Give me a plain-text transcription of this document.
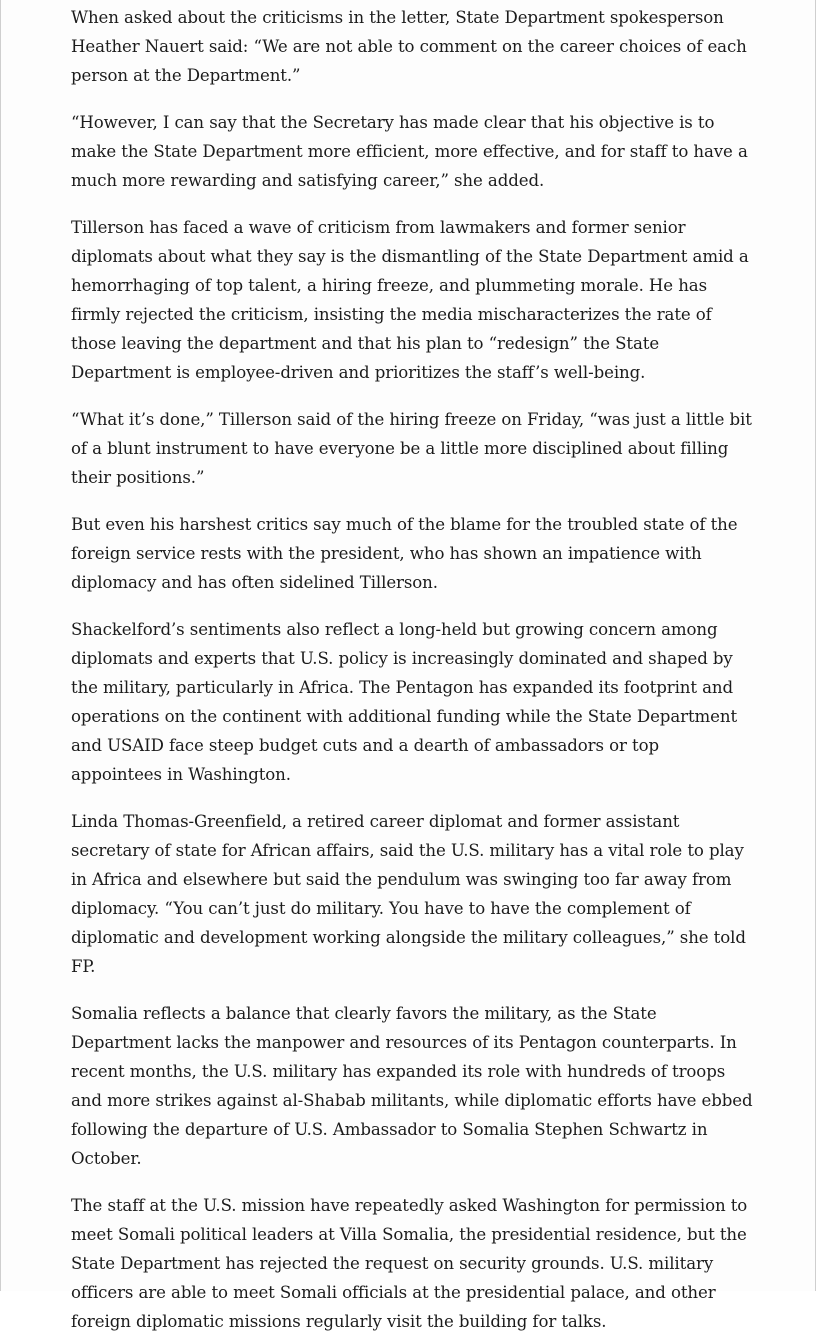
When asked about the criticisms in the letter, State Department spokesperson Heather Nauert said: “We are not able to comment on the career choices of each person at the Department.”

“However, I can say that the Secretary has made clear that his objective is to make the State Department more efficient, more effective, and for staff to have a much more rewarding and satisfying career,” she added.

Tillerson has faced a wave of criticism from lawmakers and former senior diplomats about what they say is the dismantling of the State Department amid a hemorrhaging of top talent, a hiring freeze, and plummeting morale. He has firmly rejected the criticism, insisting the media mischaracterizes the rate of those leaving the department and that his plan to “redesign” the State Department is employee-driven and prioritizes the staff’s well-being.

“What it’s done,” Tillerson said of the hiring freeze on Friday, “was just a little bit of a blunt instrument to have everyone be a little more disciplined about filling their positions.”

But even his harshest critics say much of the blame for the troubled state of the foreign service rests with the president, who has shown an impatience with diplomacy and has often sidelined Tillerson.

Shackelford’s sentiments also reflect a long-held but growing concern among diplomats and experts that U.S. policy is increasingly dominated and shaped by the military, particularly in Africa. The Pentagon has expanded its footprint and operations on the continent with additional funding while the State Department and USAID face steep budget cuts and a dearth of ambassadors or top appointees in Washington.

Linda Thomas-Greenfield, a retired career diplomat and former assistant secretary of state for African affairs, said the U.S. military has a vital role to play in Africa and elsewhere but said the pendulum was swinging too far away from diplomacy. “You can’t just do military. You have to have the complement of diplomatic and development working alongside the military colleagues,” she told FP.

Somalia reflects a balance that clearly favors the military, as the State Department lacks the manpower and resources of its Pentagon counterparts. In recent months, the U.S. military has expanded its role with hundreds of troops and more strikes against al-Shabab militants, while diplomatic efforts have ebbed following the departure of U.S. Ambassador to Somalia Stephen Schwartz in October.

The staff at the U.S. mission have repeatedly asked Washington for permission to meet Somali political leaders at Villa Somalia, the presidential residence, but the State Department has rejected the request on security grounds. U.S. military officers are able to meet Somali officials at the presidential palace, and other foreign diplomatic missions regularly visit the building for talks.
